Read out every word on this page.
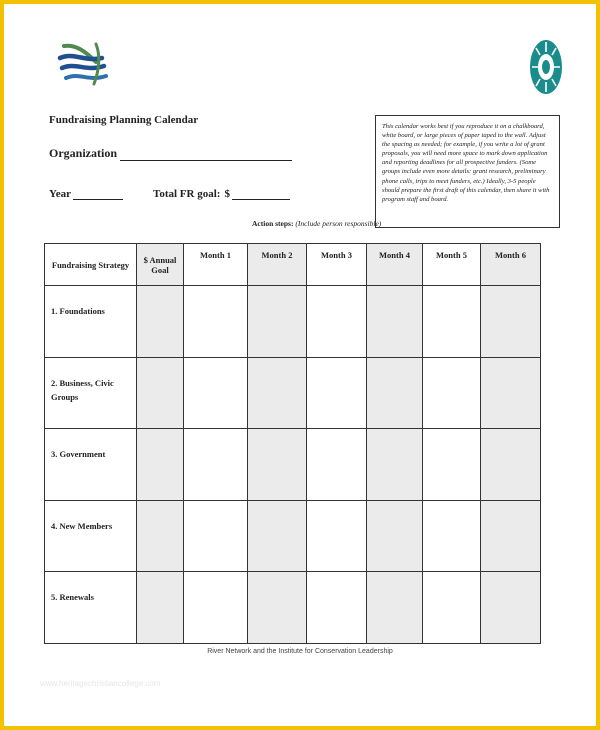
Fundraising Planning Calendar
Organization
Year	Total FR goal: $
This calendar works best if you reproduce it on a chalkboard, white board, or large pieces of paper taped to the wall. Adjust the spacing as needed; for example, if you write a lot of grant proposals, you will need more space to mark down application and reporting deadlines for all prospective funders. (Some groups include even more details: grant research, preliminary phone calls, trips to meet funders, etc.) Ideally, 3-5 people should prepare the first draft of this calendar, then share it with program staff and board.
Action steps: (Include person responsible)
Fundraising Strategy	$ Annual Goal	Month 1	Month 2	Month 3	Month 4	Month 5	Month 6
1. Foundations							
2. Business, Civic Groups							
3. Government							
4. New Members							
5. Renewals							
River Network and the Institute for Conservation Leadership
www.heritagechristiancollege.com
